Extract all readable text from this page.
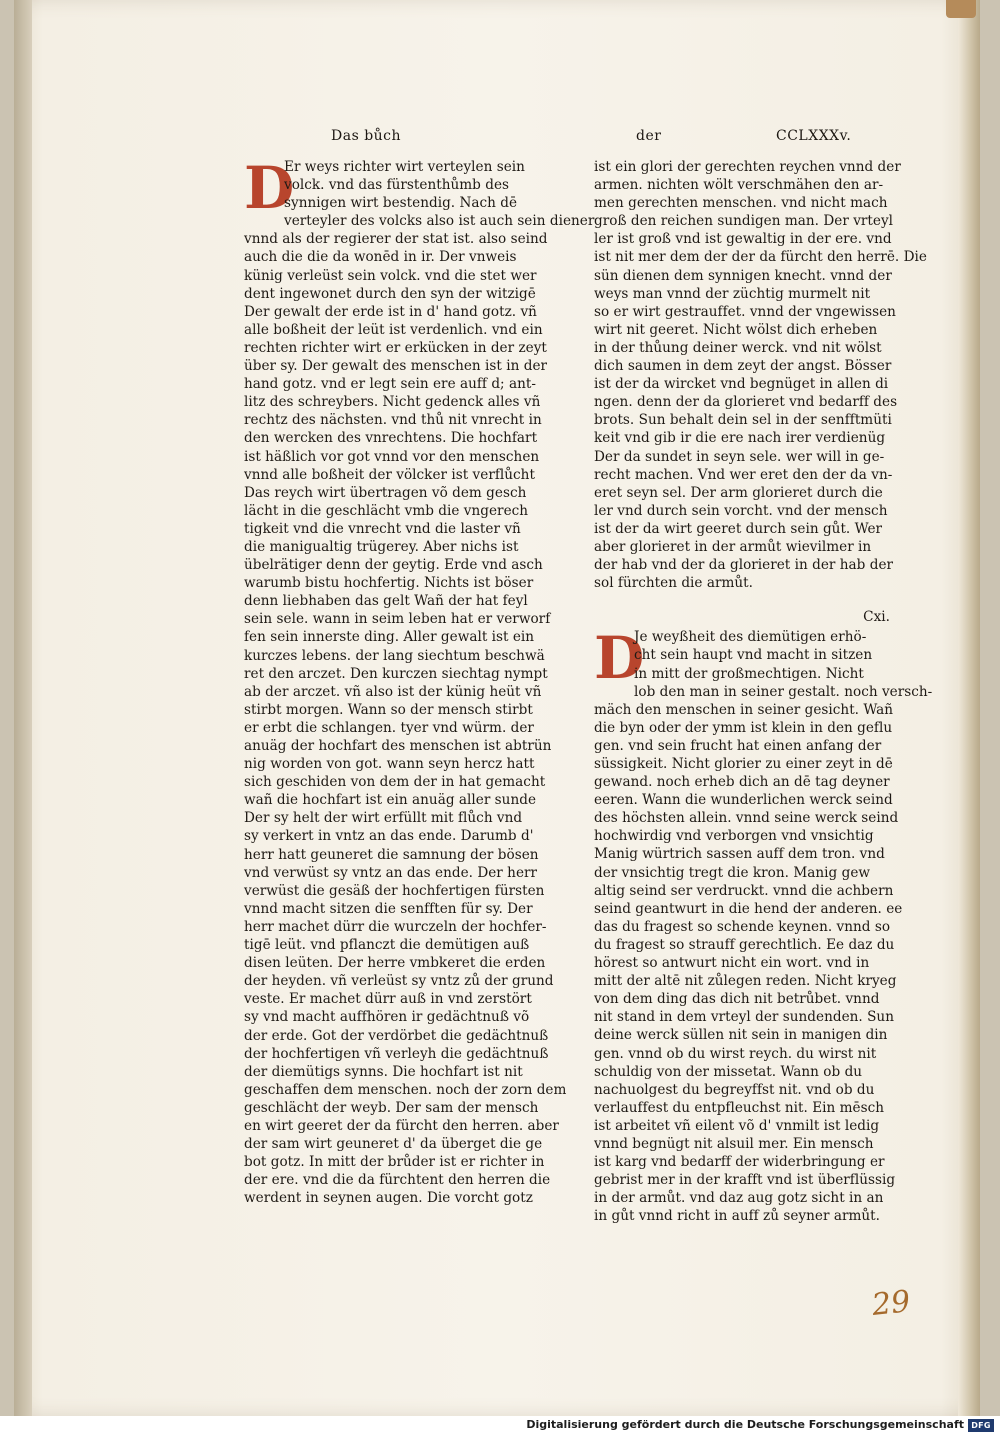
Das bůch	der	CCLXXXv.
D
Er weys richter wirt verteylen sein
volck. vnd das fürstenthůmb des
synnigen wirt bestendig. Nach dē
verteyler des volcks also ist auch sein diener
vnnd als der regierer der stat ist. also seind
auch die die da wonēd in ir. Der vnweis
künig verleüst sein volck. vnd die stet wer
dent ingewonet durch den syn der witzigē
Der gewalt der erde ist in d' hand gotz. vñ
alle boßheit der leüt ist verdenlich. vnd ein
rechten richter wirt er erkücken in der zeyt
über sy. Der gewalt des menschen ist in der
hand gotz. vnd er legt sein ere auff d; ant-
litz des schreybers. Nicht gedenck alles vñ
rechtz des nächsten. vnd thů nit vnrecht in
den wercken des vnrechtens. Die hochfart
ist häßlich vor got vnnd vor den menschen
vnnd alle boßheit der völcker ist verflůcht
Das reych wirt übertragen võ dem gesch
lächt in die geschlächt vmb die vngerech
tigkeit vnd die vnrecht vnd die laster vñ
die manigualtig trügerey. Aber nichs ist
übelrätiger denn der geytig. Erde vnd asch
warumb bistu hochfertig. Nichts ist böser
denn liebhaben das gelt Wañ der hat feyl
sein sele. wann in seim leben hat er verworf
fen sein innerste ding. Aller gewalt ist ein
kurczes lebens. der lang siechtum beschwä
ret den arczet. Den kurczen siechtag nympt
ab der arczet. vñ also ist der künig heüt vñ
stirbt morgen. Wann so der mensch stirbt
er erbt die schlangen. tyer vnd würm. der
anuäg der hochfart des menschen ist abtrün
nig worden von got. wann seyn hercz hatt
sich geschiden von dem der in hat gemacht
wañ die hochfart ist ein anuäg aller sunde
Der sy helt der wirt erfüllt mit flůch vnd
sy verkert in vntz an das ende. Darumb d'
herr hatt geuneret die samnung der bösen
vnd verwüst sy vntz an das ende. Der herr
verwüst die gesäß der hochfertigen fürsten
vnnd macht sitzen die senfften für sy. Der
herr machet dürr die wurczeln der hochfer-
tigē leüt. vnd pflanczt die demütigen auß
disen leüten. Der herre vmbkeret die erden
der heyden. vñ verleüst sy vntz zů der grund
veste. Er machet dürr auß in vnd zerstört
sy vnd macht auffhören ir gedächtnuß võ
der erde. Got der verdörbet die gedächtnuß
der hochfertigen vñ verleyh die gedächtnuß
der diemütigs synns. Die hochfart ist nit
geschaffen dem menschen. noch der zorn dem
geschlächt der weyb. Der sam der mensch
en wirt geeret der da fürcht den herren. aber
der sam wirt geuneret d' da überget die ge
bot gotz. In mitt der brůder ist er richter in
der ere. vnd die da fürchtent den herren die
werdent in seynen augen. Die vorcht gotz
ist ein glori der gerechten reychen vnnd der
armen. nichten wölt verschmähen den ar-
men gerechten menschen. vnd nicht mach
groß den reichen sundigen man. Der vrteyl
ler ist groß vnd ist gewaltig in der ere. vnd
ist nit mer dem der der da fürcht den herrē. Die
sün dienen dem synnigen knecht. vnnd der
weys man vnnd der züchtig murmelt nit
so er wirt gestrauffet. vnnd der vngewissen
wirt nit geeret. Nicht wölst dich erheben
in der thůung deiner werck. vnd nit wölst
dich saumen in dem zeyt der angst. Bösser
ist der da wircket vnd begnüget in allen di
ngen. denn der da glorieret vnd bedarff des
brots. Sun behalt dein sel in der senfftmüti
keit vnd gib ir die ere nach irer verdienüg
Der da sundet in seyn sele. wer will in ge-
recht machen. Vnd wer eret den der da vn-
eret seyn sel. Der arm glorieret durch die
ler vnd durch sein vorcht. vnd der mensch
ist der da wirt geeret durch sein gůt. Wer
aber glorieret in der armůt wievilmer in
der hab vnd der da glorieret in der hab der
sol fürchten die armůt.
Cxi.
D
Je weyßheit des diemütigen erhö-
cht sein haupt vnd macht in sitzen
in mitt der großmechtigen. Nicht
lob den man in seiner gestalt. noch versch-
mäch den menschen in seiner gesicht. Wañ
die byn oder der ymm ist klein in den geflu
gen. vnd sein frucht hat einen anfang der
süssigkeit. Nicht glorier zu einer zeyt in dē
gewand. noch erheb dich an dē tag deyner
eeren. Wann die wunderlichen werck seind
des höchsten allein. vnnd seine werck seind
hochwirdig vnd verborgen vnd vnsichtig
Manig würtrich sassen auff dem tron. vnd
der vnsichtig tregt die kron. Manig gew
altig seind ser verdruckt. vnnd die achbern
seind geantwurt in die hend der anderen. ee
das du fragest so schende keynen. vnnd so
du fragest so strauff gerechtlich. Ee daz du
hörest so antwurt nicht ein wort. vnd in
mitt der altē nit zůlegen reden. Nicht kryeg
von dem ding das dich nit betrůbet. vnnd
nit stand in dem vrteyl der sundenden. Sun
deine werck süllen nit sein in manigen din
gen. vnnd ob du wirst reych. du wirst nit
schuldig von der missetat. Wann ob du
nachuolgest du begreyffst nit. vnd ob du
verlauffest du entpfleuchst nit. Ein mēsch
ist arbeitet vñ eilent võ d' vnmilt ist ledig
vnnd begnügt nit alsuil mer. Ein mensch
ist karg vnd bedarff der widerbringung er
gebrist mer in der krafft vnd ist überflüssig
in der armůt. vnd daz aug gotz sicht in an
in gůt vnnd richt in auff zů seyner armůt.
29
Digitalisierung gefördert durch die Deutsche Forschungsgemeinschaft DFG
